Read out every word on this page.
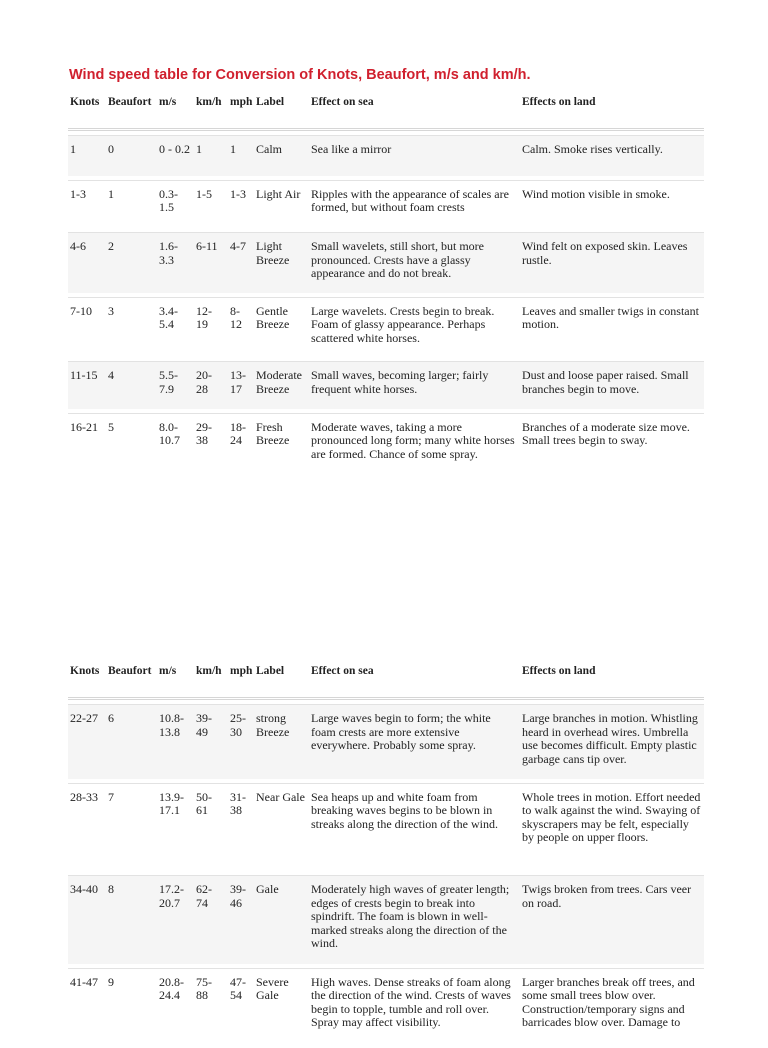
Wind speed table for Conversion of Knots, Beaufort, m/s and km/h.
Knots	Beaufort	m/s	km/h	mph	Label	Effect on sea	Effects on land

1	0	0 - 0.2	1	1	Calm	Sea like a mirror	Calm. Smoke rises vertically.

1-3	1	0.3- 1.5	1-5	1-3	Light Air	Ripples with the appearance of scales are formed, but without foam crests	Wind motion visible in smoke.

4-6	2	1.6- 3.3	6-11	4-7	Light Breeze	Small wavelets, still short, but more pronounced. Crests have a glassy appearance and do not break.	Wind felt on exposed skin. Leaves rustle.

7-10	3	3.4- 5.4	12- 19	8-12	Gentle Breeze	Large wavelets. Crests begin to break. Foam of glassy appearance. Perhaps scattered white horses.	Leaves and smaller twigs in constant motion.

11-15	4	5.5- 7.9	20- 28	13- 17	Moderate Breeze	Small waves, becoming larger; fairly frequent white horses.	Dust and loose paper raised. Small branches begin to move.

16-21	5	8.0- 10.7	29- 38	18- 24	Fresh Breeze	Moderate waves, taking a more pronounced long form; many white horses are formed. Chance of some spray.	Branches of a moderate size move. Small trees begin to sway.
Knots	Beaufort	m/s	km/h	mph	Label	Effect on sea	Effects on land

22-27	6	10.8- 13.8	39- 49	25- 30	strong Breeze	Large waves begin to form; the white foam crests are more extensive everywhere. Probably some spray.	Large branches in motion. Whistling heard in overhead wires. Umbrella use becomes difficult. Empty plastic garbage cans tip over.

28-33	7	13.9- 17.1	50- 61	31- 38	Near Gale	Sea heaps up and white foam from breaking waves begins to be blown in streaks along the direction of the wind.	Whole trees in motion. Effort needed to walk against the wind. Swaying of skyscrapers may be felt, especially by people on upper floors.

34-40	8	17.2- 20.7	62- 74	39- 46	Gale	Moderately high waves of greater length; edges of crests begin to break into spindrift. The foam is blown in well-marked streaks along the direction of the wind.	Twigs broken from trees. Cars veer on road.

41-47	9	20.8- 24.4	75- 88	47- 54	Severe Gale	High waves. Dense streaks of foam along the direction of the wind. Crests of waves begin to topple, tumble and roll over. Spray may affect visibility.	Larger branches break off trees, and some small trees blow over. Construction/temporary signs and barricades blow over. Damage to
